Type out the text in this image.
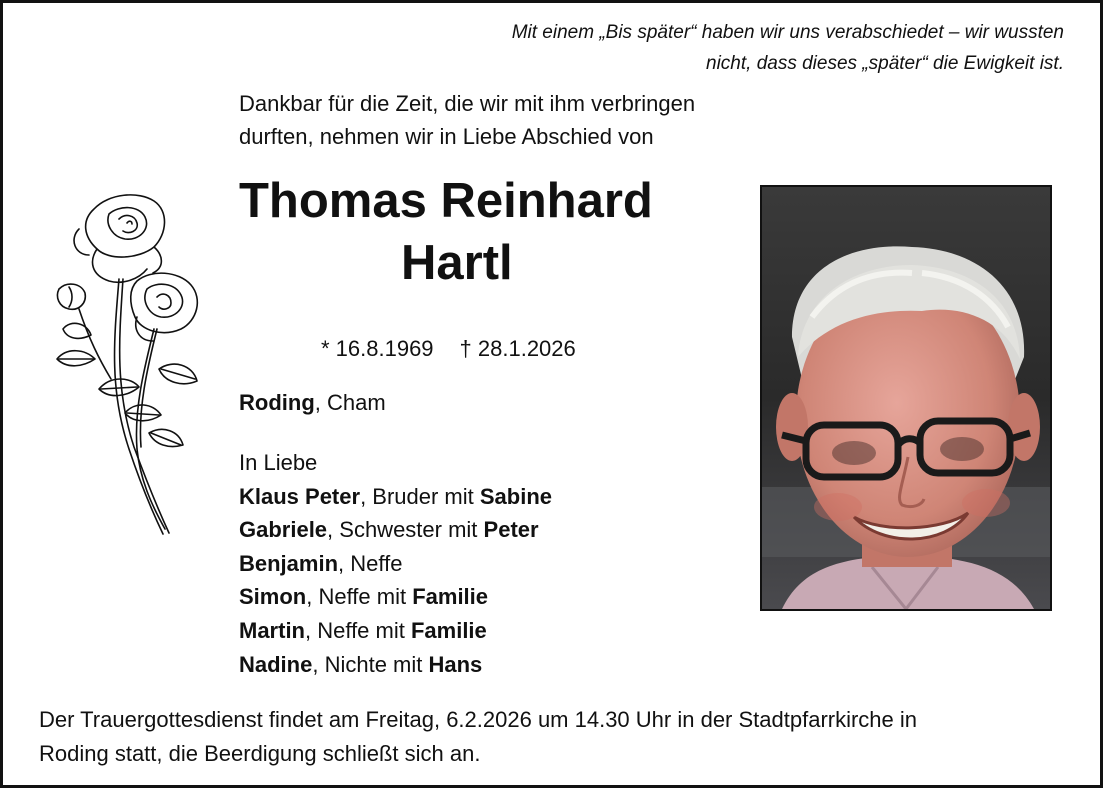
Mit einem „Bis später“ haben wir uns verabschiedet – wir wussten
nicht, dass dieses „später“ die Ewigkeit ist.
Dankbar für die Zeit, die wir mit ihm verbringen
durften, nehmen wir in Liebe Abschied von
Thomas Reinhard
Hartl
* 16.8.1969 † 28.1.2026
Roding, Cham
In Liebe
Klaus Peter, Bruder mit Sabine
Gabriele, Schwester mit Peter
Benjamin, Neffe
Simon, Neffe mit Familie
Martin, Neffe mit Familie
Nadine, Nichte mit Hans
Der Trauergottesdienst findet am Freitag, 6.2.2026 um 14.30 Uhr in der Stadtpfarrkirche in
Roding statt, die Beerdigung schließt sich an.
